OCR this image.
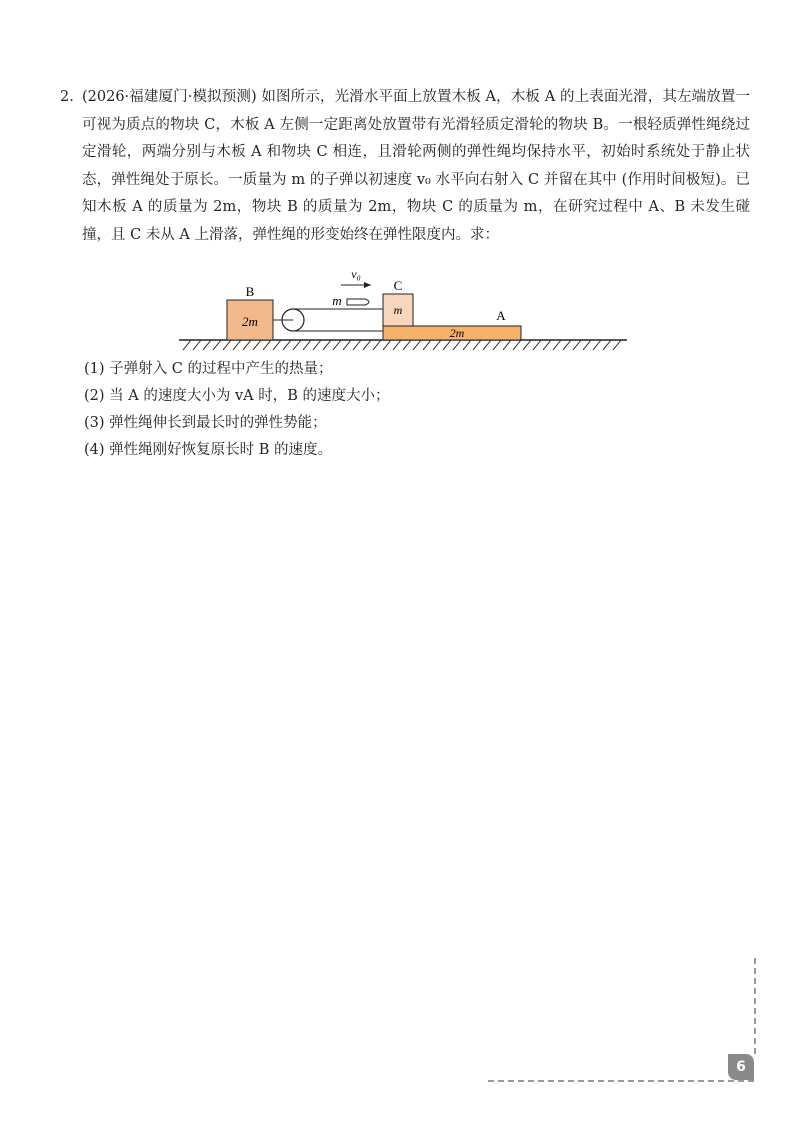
2. (2026·福建厦门·模拟预测) 如图所示，光滑水平面上放置木板 A，木板 A 的上表面光滑，其左端放置一可视为质点的物块 C，木板 A 左侧一定距离处放置带有光滑轻质定滑轮的物块 B。一根轻质弹性绳绕过定滑轮，两端分别与木板 A 和物块 C 相连，且滑轮两侧的弹性绳均保持水平，初始时系统处于静止状态，弹性绳处于原长。一质量为 m 的子弹以初速度 v₀ 水平向右射入 C 并留在其中 (作用时间极短)。已知木板 A 的质量为 2m，物块 B 的质量为 2m，物块 C 的质量为 m，在研究过程中 A、B 未发生碰撞，且 C 未从 A 上滑落，弹性绳的形变始终在弹性限度内。求：
2m
B
2m
A
m
C
m
v₀
(1) 子弹射入 C 的过程中产生的热量；
(2) 当 A 的速度大小为 vA 时，B 的速度大小；
(3) 弹性绳伸长到最长时的弹性势能；
(4) 弹性绳刚好恢复原长时 B 的速度。
6
